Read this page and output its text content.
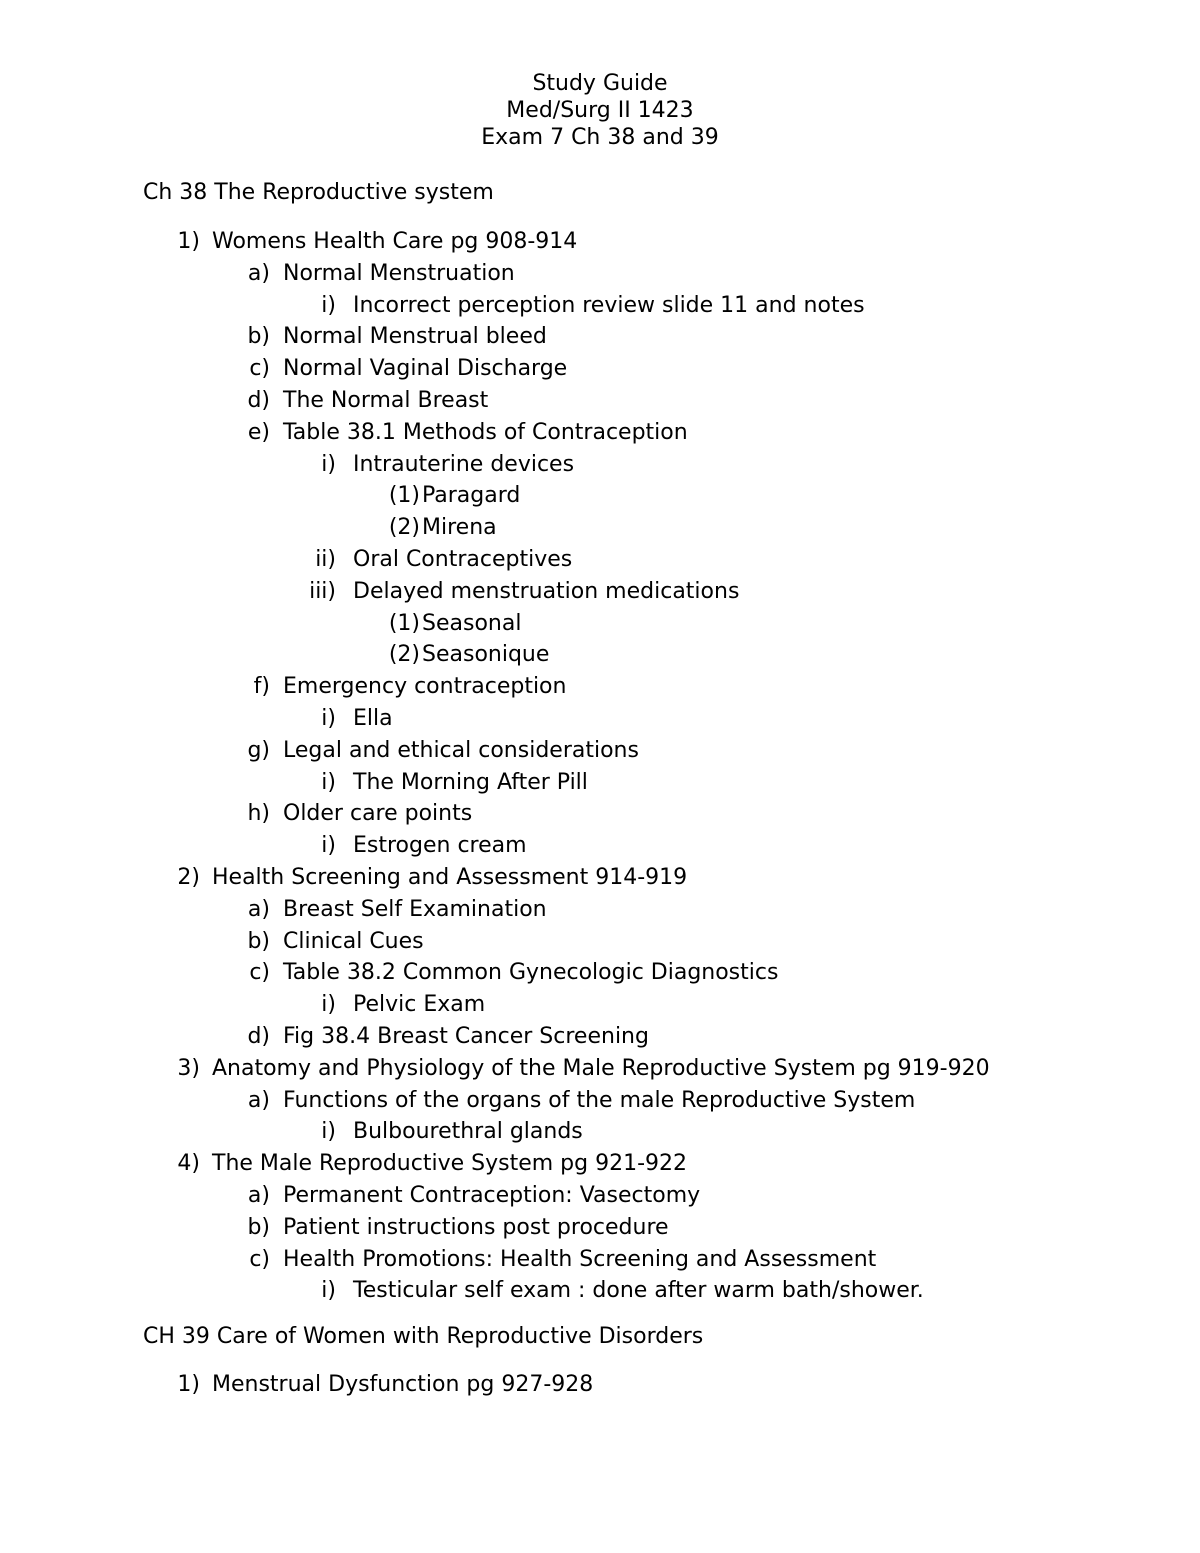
Study Guide
Med/Surg II 1423
Exam 7 Ch 38 and 39
Ch 38 The Reproductive system
1) Womens Health Care pg 908-914
a) Normal Menstruation
i) Incorrect perception review slide 11 and notes
b) Normal Menstrual bleed
c) Normal Vaginal Discharge
d) The Normal Breast
e) Table 38.1 Methods of Contraception
i) Intrauterine devices
(1) Paragard
(2) Mirena
ii) Oral Contraceptives
iii) Delayed menstruation medications
(1) Seasonal
(2) Seasonique
f) Emergency contraception
i) Ella
g) Legal and ethical considerations
i) The Morning After Pill
h) Older care points
i) Estrogen cream
2) Health Screening and Assessment 914-919
a) Breast Self Examination
b) Clinical Cues
c) Table 38.2 Common Gynecologic Diagnostics
i) Pelvic Exam
d) Fig 38.4 Breast Cancer Screening
3) Anatomy and Physiology of the Male Reproductive System pg 919-920
a) Functions of the organs of the male Reproductive System
i) Bulbourethral glands
4) The Male Reproductive System pg 921-922
a) Permanent Contraception: Vasectomy
b) Patient instructions post procedure
c) Health Promotions: Health Screening and Assessment
i) Testicular self exam : done after warm bath/shower.
CH 39 Care of Women with Reproductive Disorders
1) Menstrual Dysfunction pg 927-928
